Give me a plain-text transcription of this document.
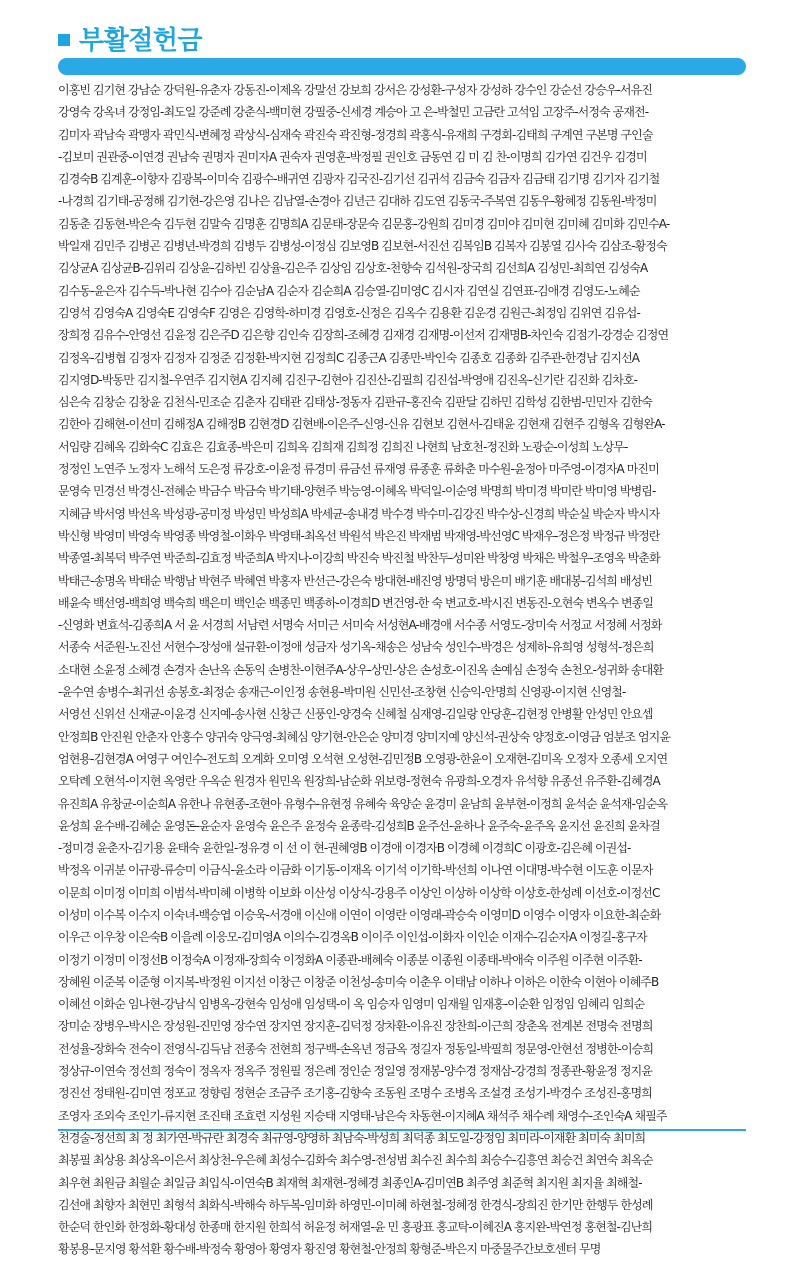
부활절헌금

이홍빈 김기현 강남순 강덕원-유춘자 강동진-이제옥 강말선 강보희 강서은 강성환-구성자 강성하 강수인 강순선 강승우-서유진

강영숙 강옥녀 강정임-최도일 강준례 강춘식-백미현 강필중-신세경 계승아 고 은-박철민 고금란 고석임 고장주-서정숙 공재전-

김미자 곽남숙 곽맹자 곽민식-변혜정 곽상식-심재숙 곽진숙 곽진형-정경희 곽홍식-유재희 구경회-김태희 구계연 구본명 구인술

-김보미 권관중-이연경 권남숙 권명자 권미자A 권숙자 권영훈-박정필 권인호 금동연 김 미 김 찬-이명희 김가연 김건우 김경미

김경숙B 김계훈-이향자 김광복-이미숙 김광수-배귀연 김광자 김국진-김기선 김귀석 김금숙 김금자 김금태 김기명 김기자 김기철

-나경희 김기태-공정해 김기현-강은영 김나은 김남열-손경아 김년근 김대하 김도연 김동국-주복연 김동우-황혜정 김동원-박정미

김동춘 김동현-박은숙 김두현 김말숙 김명훈 김명희A 김문태-장문숙 김문홍-강원희 김미경 김미야 김미현 김미혜 김미화 김민수A-

박일재 김민주 김병곤 김병년-박경희 김병두 김병성-이정심 김보영B 김보현-서진선 김복임B 김복자 김봉열 김사숙 김삼조-황정숙

김상균A 김상균B-김위리 김상윤-김하빈 김상율-김은주 김상임 김상호-천향숙 김석원-장국희 김선희A 김성민-최희연 김성숙A

김수동-윤은자 김수득-박나현 김수아 김순남A 김순자 김순희A 김승열-김미영C 김시자 김연실 김연표-김애경 김영도-노혜순

김영석 김영숙A 김영숙E 김영숙F 김영은 김영학-하미경 김영호-신정은 김옥수 김용환 김운경 김원근-최정임 김위연 김유섭-

장희정 김유수-안영선 김윤정 김은주D 김은향 김인숙 김장희-조혜경 김재경 김재명-이선저 김재명B-차인숙 김점기-강경순 김정연

김정옥-김병협 김정자 김정자 김정준 김정환-박지현 김정희C 김종근A 김종만-박인숙 김종호 김종화 김주관-한경남 김지선A

김지영D-박동만 김지철-우연주 김지현A 김지혜 김진구-김현아 김진산-김필희 김진섭-박영애 김진옥-신기란 김진화 김차호-

심은숙 김창순 김창윤 김천식-민조순 김춘자 김태관 김태상-정동자 김판규-홍진숙 김판달 김하민 김학성 김한범-민민자 김한숙

김한아 김해현-이선미 김해정A 김해정B 김현경D 김현배-이은주-신영-신유 김현보 김현서-김태윤 김현재 김현주 김형옥 김형완A-

서임량 김혜옥 김화숙C 김효은 김효종-박은미 김희옥 김희재 김희정 김희진 나현희 남호천-정진화 노광순-이성희 노상무-

정정인 노연주 노정자 노해석 도은정 류강호-이윤정 류경미 류금선 류재영 류종훈 류화춘 마수원-윤정아 마주영-이경자A 마진미

문영숙 민경선 박경신-전혜순 박금수 박금숙 박기태-양현주 박능영-이혜옥 박덕일-이순영 박명희 박미경 박미란 박미영 박병림-

지혜금 박서영 박선옥 박성광-공미정 박성민 박성희A 박세균-송내경 박수경 박수미-김강진 박수상-신경희 박순실 박순자 박시자

박신형 박영미 박영숙 박영종 박영철-이화우 박영태-최옥선 박원석 박은진 박재범 박재영-박선영C 박재우-정은정 박정규 박정란

박종열-최복덕 박주연 박준희-김효정 박준희A 박지나-이강희 박진숙 박진철 박찬두-성미완 박창영 박채은 박철우-조영옥 박춘화

박태근-송명옥 박태순 박행남 박현주 박혜연 박홍자 반선근-강은숙 방대현-배진영 방명덕 방은미 배기훈 배대봉-김석희 배성빈

배윤숙 백선영-백희영 백숙희 백은미 백인순 백종민 백종하-이경희D 변건영-한 숙 변교호-박시진 변동진-오현숙 변옥수 변종일

-신영화 변효석-김종희A 서 윤 서경희 서남련 서명숙 서미근 서미숙 서성현A-배경애 서수종 서영도-장미숙 서정교 서정혜 서정화

서종숙 서준원-노진선 서현수-장성애 설규환-이정애 성금자 성기옥-채송은 성남숙 성인수-박경은 성제하-유희영 성형석-정은희

소대현 소윤정 소혜경 손경자 손난옥 손동익 손병찬-이현주A-상우-상민-상은 손성호-이진옥 손예심 손정숙 손천오-성귀화 송대환

-윤수연 송병수-최귀선 송봉호-최정순 송재근-이인정 송현용-박미원 신민선-조창현 신승익-안명희 신영광-이지현 신영철-

서영선 신위선 신재균-이윤경 신지예-송사현 신창근 신풍인-양경숙 신혜철 심재영-김일랑 안당훈-김현정 안병활 안성민 안요셉

안정희B 안진원 안춘자 안홍수 양귀숙 양극영-최혜심 양기현-안은순 양미경 양미지예 양신석-권상숙 양정호-이영금 엄분조 엄지윤

엄현용-김현경A 여영구 여인수-전도희 오계화 오미영 오석현 오성현-김민정B 오영광-한윤이 오재현-김미옥 오정자 오종세 오지연

오탁례 오현석-이지현 옥영란 우옥순 원경자 원민옥 원장희-남순화 위보령-정현숙 유광희-오경자 유석향 유종선 유주환-김혜경A

유진희A 유창균-이순희A 유한나 유현종-조현아 유형수-유현정 유혜숙 육양순 윤경미 윤남희 윤부현-이정희 윤석순 윤석재-임순옥

윤성희 윤수배-김혜순 윤영돈-윤순자 윤영숙 윤은주 윤정숙 윤종락-김성희B 윤주선-윤하나 윤주숙-윤주옥 윤지선 윤진희 윤차걸

-정미경 윤춘자-김기용 윤태숙 윤한일-정유경 이 선 이 현-권혜영B 이경애 이경자B 이경혜 이경희C 이광호-김은혜 이권섭-

박정옥 이귀분 이규광-류승미 이금식-윤소라 이금화 이기동-이재옥 이기석 이기학-박선희 이나연 이대명-박수현 이도훈 이문자

이문희 이미정 이미희 이범석-박미혜 이병학 이보화 이산성 이상식-강용주 이상인 이상하 이상학 이상호-한성례 이선호-이정선C

이성미 이수복 이수지 이숙녀-백승엽 이승욱-서경애 이신애 이연이 이영란 이영래-곽승숙 이영미D 이영수 이영자 이요한-최순화

이우근 이우창 이은숙B 이을례 이응모-김미영A 이의수-김경옥B 이이주 이인섭-이화자 이인순 이재수-김순자A 이정길-홍구자

이정기 이정미 이정선B 이정숙A 이정재-장희숙 이정화A 이종관-배혜숙 이종분 이종원 이종태-박애숙 이주원 이주현 이주환-

장혜원 이준복 이준형 이지복-박정원 이지선 이창근 이창준 이천성-송미숙 이춘우 이태남 이하나 이하은 이한숙 이현아 이혜주B

이혜선 이화순 임나현-강남식 임병옥-강현숙 임성애 임성택-이 옥 임승자 임영미 임재월 임재홍-이순환 임정임 임혜리 임희순

장미순 장병우-박시은 장성원-진민영 장수연 장지연 장지훈-김덕정 장차환-이유진 장찬희-이근희 장춘옥 전계본 전명숙 전명희

전성율-장화숙 전숙이 전영식-김득남 전종숙 전현희 정구백-손옥년 정금옥 정길자 정동일-박필희 정문영-안현선 정병한-이승희

정상규-이연숙 정선희 정숙이 정옥자 정옥주 정원필 정은례 정인순 정일영 정재봉-양수경 정재삼-강경희 정종관-황윤정 정지윤

정진선 정태원-김미연 정포교 정향림 정현순 조금주 조기홍-김향숙 조동원 조명수 조병옥 조설경 조성기-박경수 조성진-홍명희

조영자 조외숙 조인기-류지현 조진태 조효련 지성원 지승태 지영태-남은숙 차동현-이지혜A 채석주 채수례 채영수-조인숙A 채필주

천경술-정선희 최 정 최가연-박규란 최경숙 최규영-양영하 최남숙-박성희 최덕종 최도일-강정임 최미라-이재환 최미숙 최미희

최봉필 최상용 최상옥-이은서 최상천-우은혜 최성수-김화숙 최수영-전성범 최수진 최수희 최승수-김흥연 최승건 최연숙 최옥순

최우현 최원금 최월순 최일금 최입식-이연숙B 최재혁 최재현-정혜경 최종인A-김미연B 최주영 최준혁 최지원 최지율 최해철-

김선애 최향자 최현민 최형석 최화식-박해숙 하두복-임미화 하영민-이미혜 하현철-정혜정 한경식-장희진 한기만 한행두 한성례

한순덕 한인화 한정화-황대성 한종매 한지원 한희석 허윤정 허재열-윤 민 홍광표 홍교탁-이혜진A 홍지완-박연정 홍현철-김난희

황봉용-문지영 황석환 황수배-박정숙 황영아 황영자 황진영 황현철-안정희 황형준-박은지 마중물주간보호센터 무명
